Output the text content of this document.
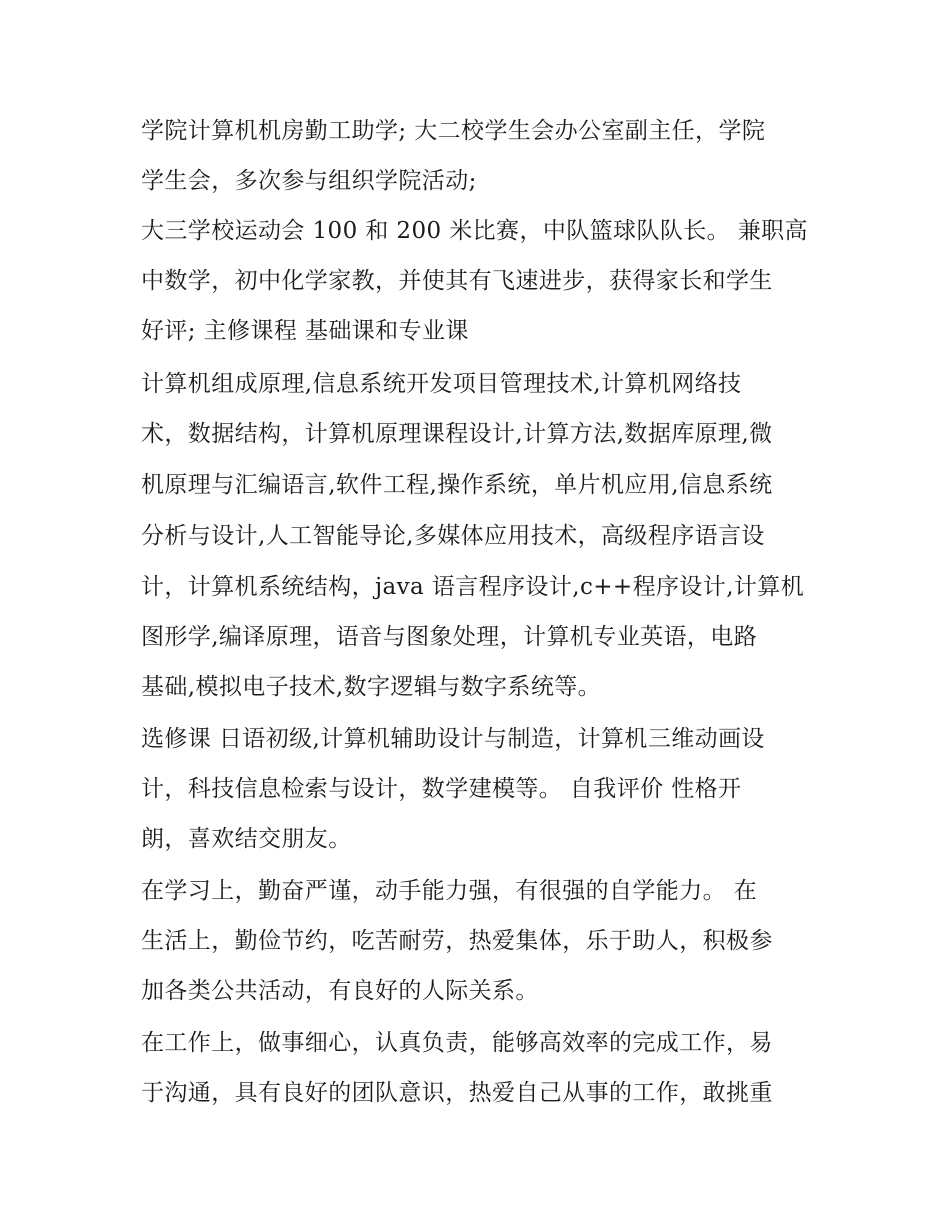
学院计算机机房勤工助学; 大二校学生会办公室副主任，学院
学生会，多次参与组织学院活动;
大三学校运动会 100 和 200 米比赛，中队篮球队队长。 兼职高
中数学，初中化学家教，并使其有飞速进步，获得家长和学生
好评; 主修课程 基础课和专业课
计算机组成原理,信息系统开发项目管理技术,计算机网络技
术，数据结构，计算机原理课程设计,计算方法,数据库原理,微
机原理与汇编语言,软件工程,操作系统，单片机应用,信息系统
分析与设计,人工智能导论,多媒体应用技术，高级程序语言设
计，计算机系统结构，java 语言程序设计,c++程序设计,计算机
图形学,编译原理，语音与图象处理，计算机专业英语，电路
基础,模拟电子技术,数字逻辑与数字系统等。
选修课 日语初级,计算机辅助设计与制造，计算机三维动画设
计，科技信息检索与设计，数学建模等。 自我评价 性格开
朗，喜欢结交朋友。
在学习上，勤奋严谨，动手能力强，有很强的自学能力。 在
生活上，勤俭节约，吃苦耐劳，热爱集体，乐于助人，积极参
加各类公共活动，有良好的人际关系。
在工作上，做事细心，认真负责，能够高效率的完成工作，易
于沟通，具有良好的团队意识，热爱自己从事的工作，敢挑重
